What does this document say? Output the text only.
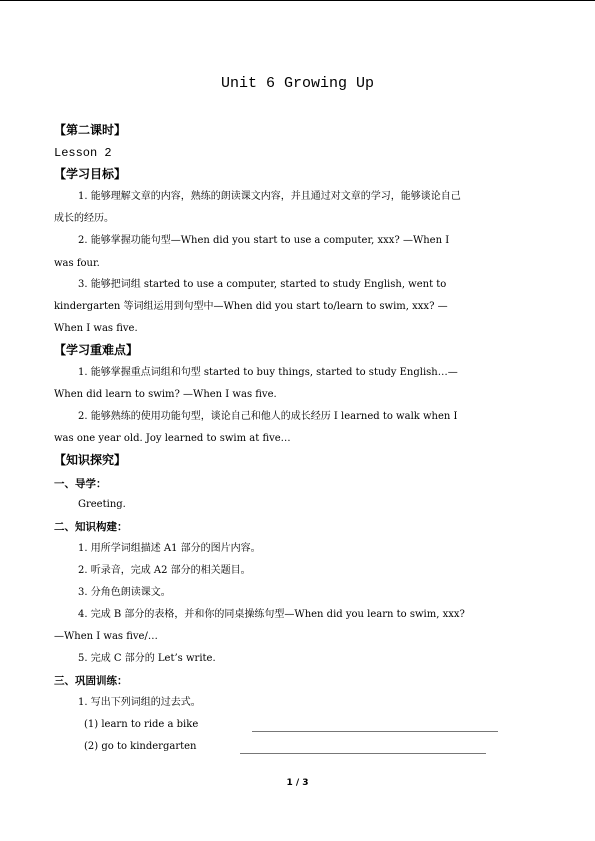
Unit 6 Growing Up
【第二课时】
Lesson 2
【学习目标】
1. 能够理解文章的内容，熟练的朗读课文内容，并且通过对文章的学习，能够谈论自己
成长的经历。
2. 能够掌握功能句型—When did you start to use a computer, xxx? —When I
was four.
3. 能够把词组 started to use a computer, started to study English, went to
kindergarten 等词组运用到句型中—When did you start to/learn to swim, xxx? —
When I was five.
【学习重难点】
1. 能够掌握重点词组和句型 started to buy things, started to study English…—
When did learn to swim? —When I was five.
2. 能够熟练的使用功能句型，谈论自己和他人的成长经历 I learned to walk when I
was one year old. Joy learned to swim at five…
【知识探究】
一、导学：
Greeting.
二、知识构建：
1. 用所学词组描述 A1 部分的图片内容。
2. 听录音，完成 A2 部分的相关题目。
3. 分角色朗读课文。
4. 完成 B 部分的表格，并和你的同桌操练句型—When did you learn to swim, xxx?
—When I was five/…
5. 完成 C 部分的 Let’s write.
三、巩固训练：
1. 写出下列词组的过去式。
(1) learn to ride a bike
(2) go to kindergarten
1 / 3
